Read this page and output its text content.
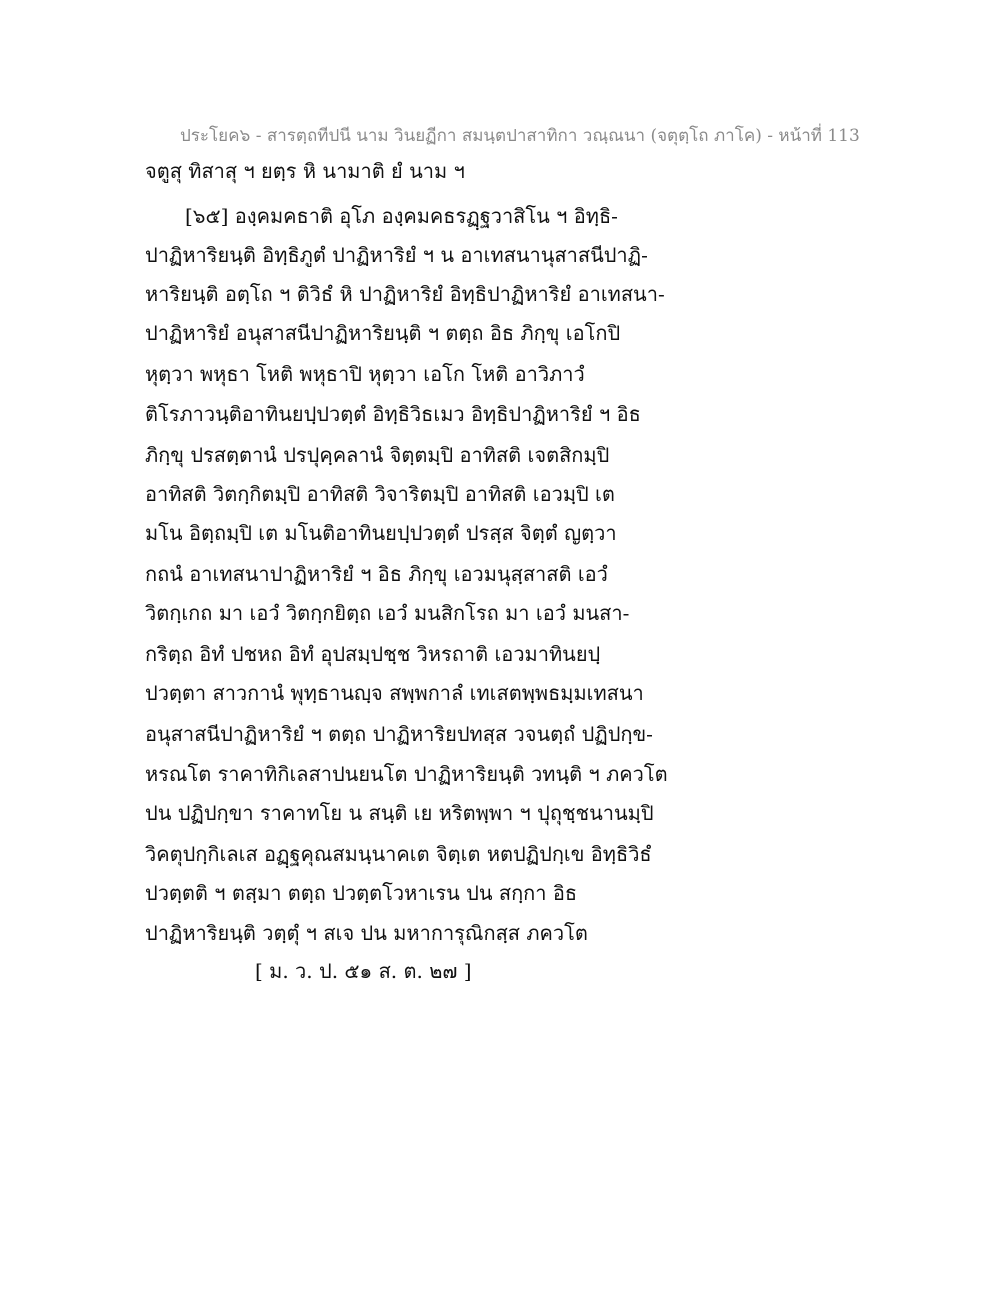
ประโยค๖ - สารตฺถทีปนี นาม วินยฏีกา สมนฺตปาสาทิกา วณฺณนา (จตุตฺโถ ภาโค) - หน้าที่ 113
จตูสุ ทิสาสุ ฯ ยตฺร หิ นามาติ ยํ นาม ฯ
[๖๕] องฺคมคธาติ อุโภ องฺคมคธรฏฺฐวาสิโน ฯ อิทฺธิ-
ปาฏิหาริยนฺติ อิทฺธิภูตํ ปาฏิหาริยํ ฯ น อาเทสนานุสาสนีปาฏิ-
หาริยนฺติ อตฺโถ ฯ ติวิธํ หิ ปาฏิหาริยํ อิทฺธิปาฏิหาริยํ อาเทสนา-
ปาฏิหาริยํ อนุสาสนีปาฏิหาริยนฺติ ฯ ตตฺถ อิธ ภิกฺขุ เอโกปิ
หุตฺวา พหุธา โหติ พหุธาปิ หุตฺวา เอโก โหติ อาวิภาวํ
ติโรภาวนฺติอาทินยปฺปวตฺตํ อิทฺธิวิธเมว อิทฺธิปาฏิหาริยํ ฯ อิธ
ภิกฺขุ ปรสตฺตานํ ปรปุคฺคลานํ จิตฺตมฺปิ อาทิสติ เจตสิกมฺปิ
อาทิสติ วิตกฺกิตมฺปิ อาทิสติ วิจาริตมฺปิ อาทิสติ เอวมฺปิ เต
มโน อิตฺถมฺปิ เต มโนติอาทินยปฺปวตฺตํ ปรสฺส จิตฺตํ ญตฺวา
กถนํ อาเทสนาปาฏิหาริยํ ฯ อิธ ภิกฺขุ เอวมนุสฺสาสติ เอวํ
วิตกฺเกถ มา เอวํ วิตกฺกยิตฺถ เอวํ มนสิกโรถ มา เอวํ มนสา-
กริตฺถ อิทํ ปชหถ อิทํ อุปสมฺปชฺช วิหรถาติ เอวมาทินยปฺ
ปวตฺตา สาวกานํ พุทฺธานญฺจ สพฺพกาลํ เทเสตพฺพธมฺมเทสนา
อนุสาสนีปาฏิหาริยํ ฯ ตตฺถ ปาฏิหาริยปทสฺส วจนตฺถํ ปฏิปกฺข-
หรณโต ราคาทิกิเลสาปนยนโต ปาฏิหาริยนฺติ วทนฺติ ฯ ภควโต
ปน ปฏิปกฺขา ราคาทโย น สนฺติ เย หริตพฺพา ฯ ปุถุชฺชนานมฺปิ
วิคตุปกฺกิเลเส อฏฺฐคุณสมนฺนาคเต จิตฺเต หตปฏิปกฺเข อิทฺธิวิธํ
ปวตฺตติ ฯ ตสฺมา ตตฺถ ปวตฺตโวหาเรน ปน สกฺกา อิธ
ปาฏิหาริยนฺติ วตฺตุํ ฯ สเจ ปน มหาการุณิกสฺส ภควโต
[ ม. ว. ป. ๕๑ ส. ต. ๒๗ ]
